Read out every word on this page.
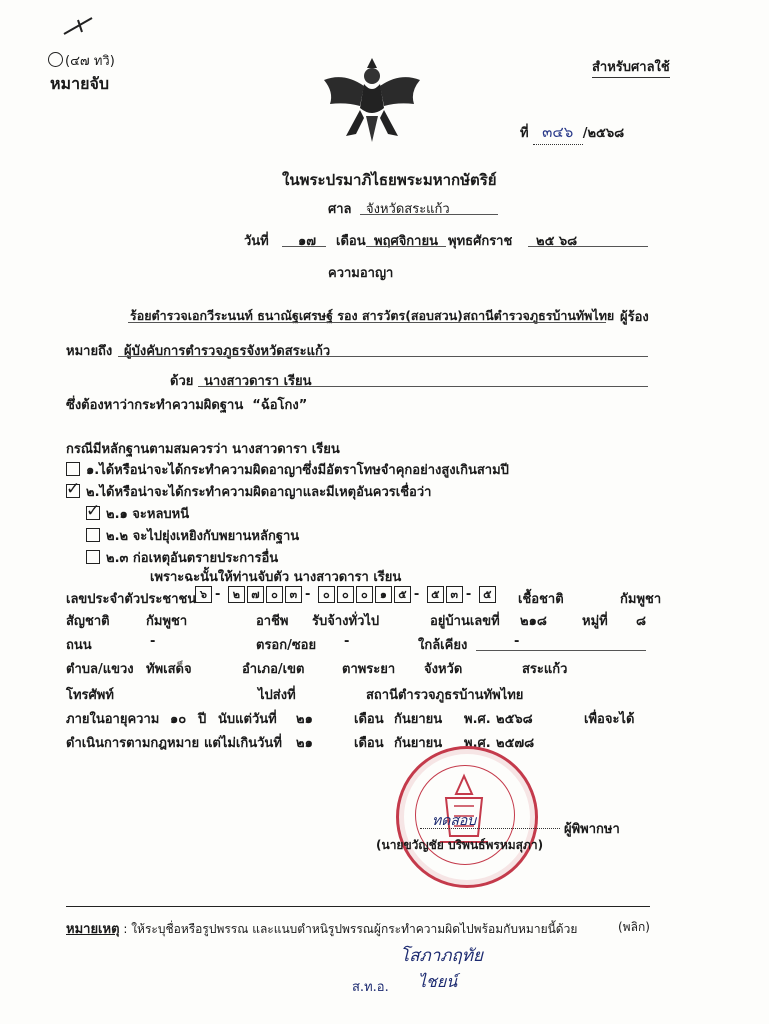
(๔๗ ทวิ)
หมายจับ
สำหรับศาลใช้
ที่ ๓๔๖ /๒๕๖๘
ในพระปรมาภิไธยพระมหากษัตริย์
ศาล จังหวัดสระแก้ว
วันที่ ๑๗ เดือน พฤศจิกายน พุทธศักราช ๒๕ ๖๘
ความอาญา
ร้อยตำรวจเอกวีระนนท์ ธนาณัฐเศรษฐ์ รอง สารวัตร(สอบสวน)สถานีตำรวจภูธรบ้านทัพไทย ผู้ร้อง
หมายถึง ผู้บังคับการตำรวจภูธรจังหวัดสระแก้ว
ด้วย นางสาวดารา เรียน
ซึ่งต้องหาว่ากระทำความผิดฐาน “ฉ้อโกง”
กรณีมีหลักฐานตามสมควรว่า นางสาวดารา เรียน
๑.ได้หรือน่าจะได้กระทำความผิดอาญาซึ่งมีอัตราโทษจำคุกอย่างสูงเกินสามปี
✓๒.ได้หรือน่าจะได้กระทำความผิดอาญาและมีเหตุอันควรเชื่อว่า
✓๒.๑ จะหลบหนี
๒.๒ จะไปยุ่งเหยิงกับพยานหลักฐาน
๒.๓ ก่อเหตุอันตรายประการอื่น
เพราะฉะนั้นให้ท่านจับตัว นางสาวดารา เรียน
เลขประจำตัวประชาชน ๖ - ๒ ๗ ๐ ๓ - ๐ ๐ ๐ ๑ ๕ - ๕ ๓ - ๕	เชื้อชาติ	กัมพูชา
สัญชาติ	กัมพูชา	อาชีพ รับจ้างทั่วไป	อยู่บ้านเลขที่ ๒๑๘	หมู่ที่ ๘
ถนน	-	ตรอก/ซอย -	ใกล้เคียง	-
ตำบล/แขวง ทัพเสด็จ	อำเภอ/เขต	ตาพระยา จังหวัด	สระแก้ว
โทรศัพท์	ไปส่งที่	สถานีตำรวจภูธรบ้านทัพไทย
ภายในอายุความ ๑๐ ปี นับแต่วันที่ ๒๑	เดือน กันยายน พ.ศ. ๒๕๖๘	เพื่อจะได้
ดำเนินการตามกฎหมาย แต่ไม่เกินวันที่ ๒๑	เดือน กันยายน พ.ศ. ๒๕๗๘
ทดสอบ
ผู้พิพากษา
(นายขวัญชัย บริพนธ์พรหมสุภา)
หมายเหตุ : ให้ระบุชื่อหรือรูปพรรณ และแนบตำหนิรูปพรรณผู้กระทำความผิดไปพร้อมกับหมายนี้ด้วย	(พลิก)
โสภาภฤทัย
ส.ท.อ. ไชยน์
